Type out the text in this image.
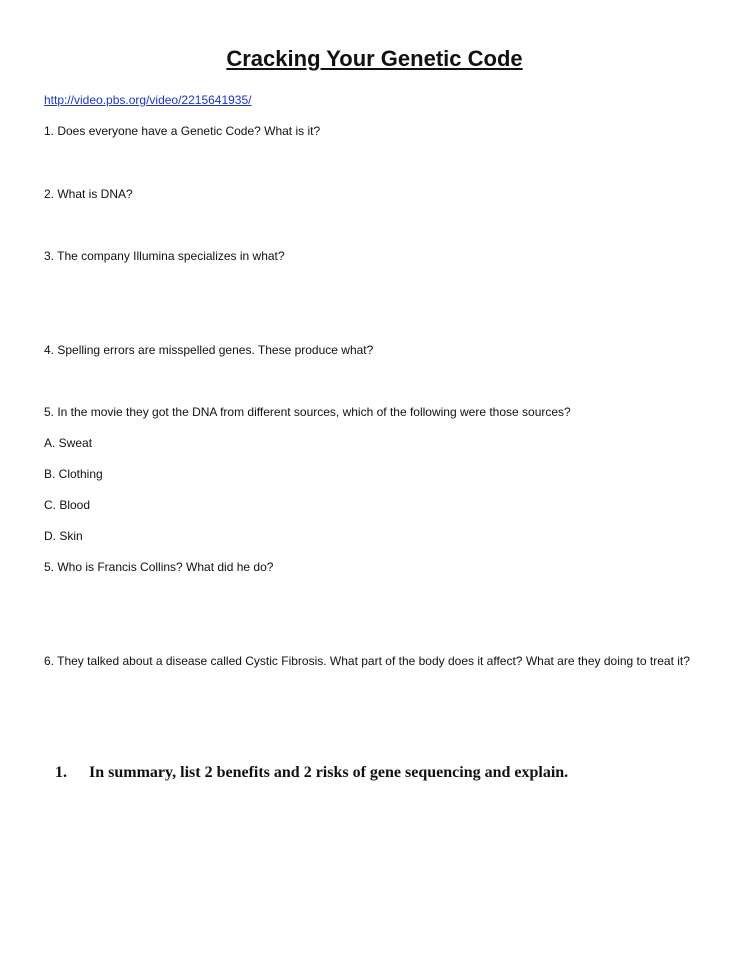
Cracking Your Genetic Code
http://video.pbs.org/video/2215641935/

1. Does everyone have a Genetic Code? What is it?

2. What is DNA?

3. The company Illumina specializes in what?

4. Spelling errors are misspelled genes. These produce what?

5. In the movie they got the DNA from different sources, which of the following were those sources?

A. Sweat

B. Clothing

C. Blood

D. Skin

5. Who is Francis Collins? What did he do?

6. They talked about a disease called Cystic Fibrosis. What part of the body does it affect? What are they doing to treat it?

1. In summary, list 2 benefits and 2 risks of gene sequencing and explain.
